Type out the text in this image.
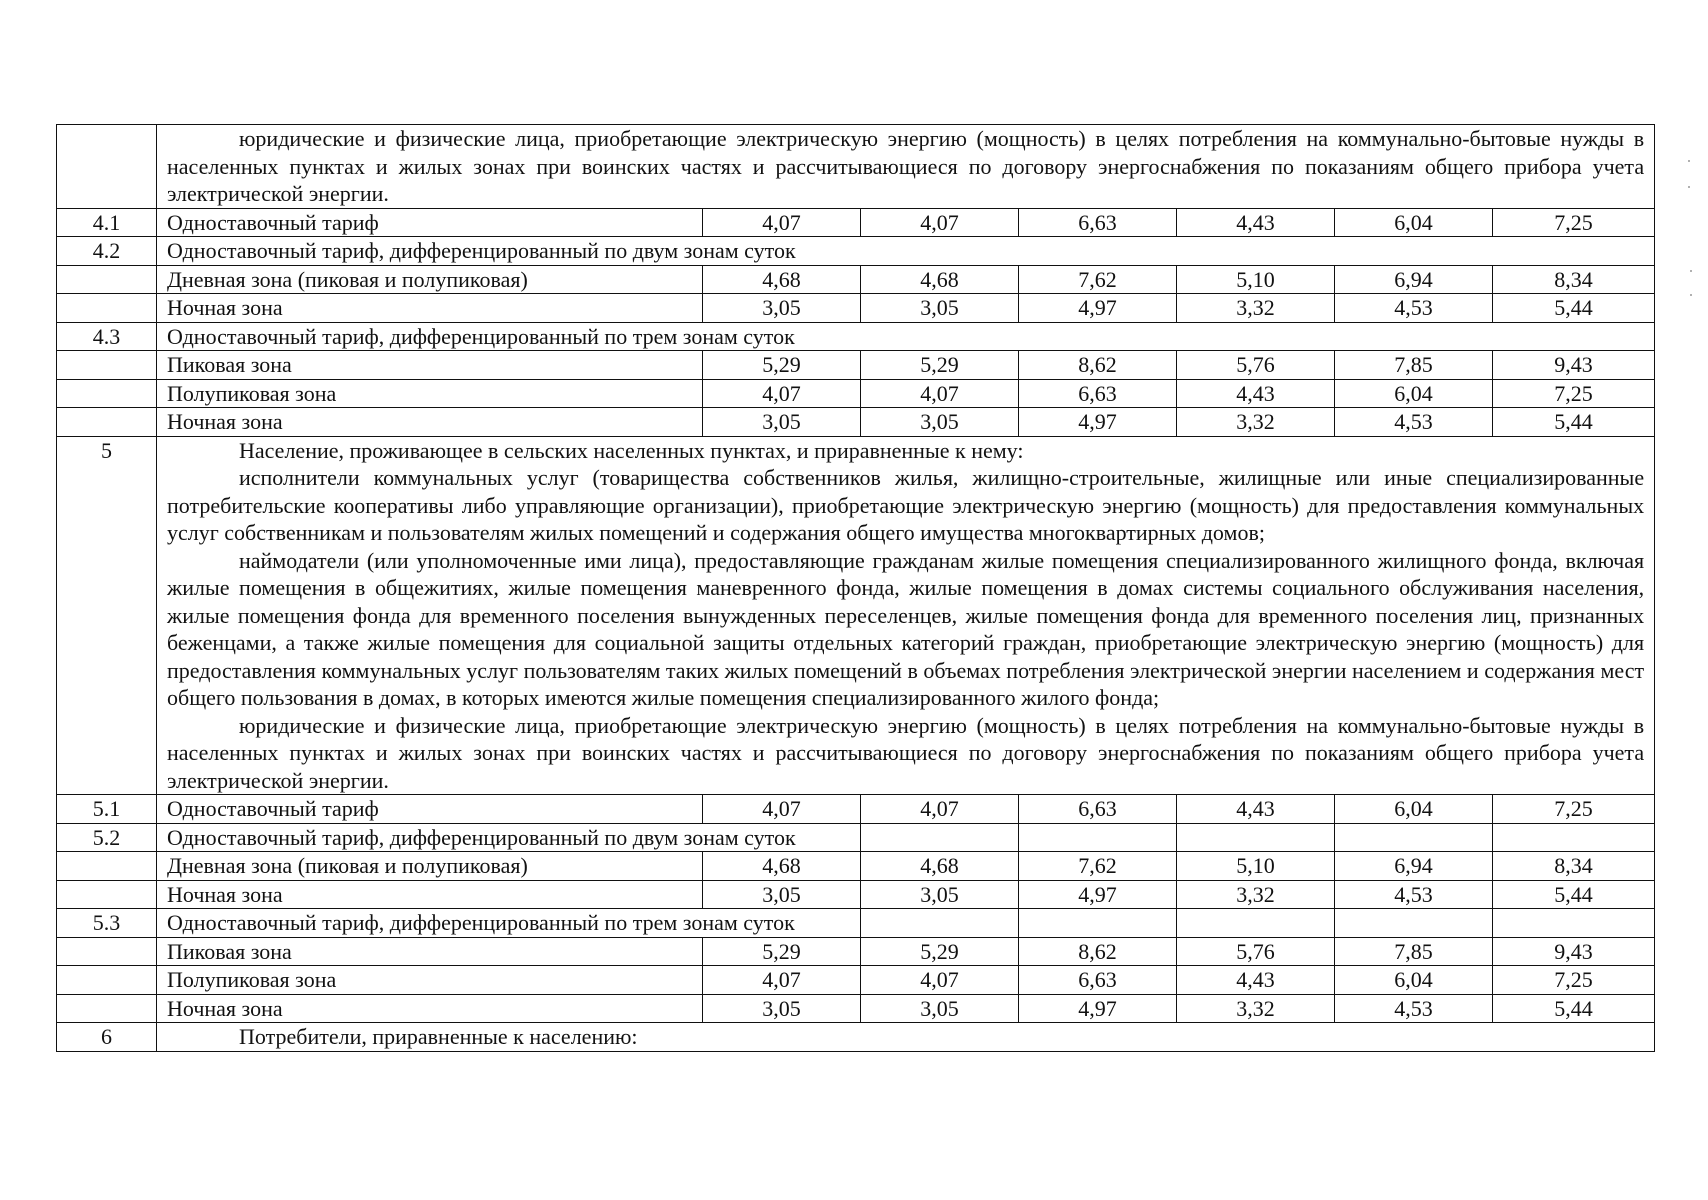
	юридические и физические лица, приобретающие электрическую энергию (мощность) в целях потребления на коммунально-бытовые нужды в населенных пунктах и жилых зонах при воинских частях и рассчитывающиеся по договору энергоснабжения по показаниям общего прибора учета электрической энергии.						

4.1	Одноставочный тариф	4,07	4,07	6,63	4,43	6,04	7,25
4.2	Одноставочный тариф, дифференцированный по двум зонам суток						
	Дневная зона (пиковая и полупиковая)	4,68	4,68	7,62	5,10	6,94	8,34
	Ночная зона	3,05	3,05	4,97	3,32	4,53	5,44
4.3	Одноставочный тариф, дифференцированный по трем зонам суток						
	Пиковая зона	5,29	5,29	8,62	5,76	7,85	9,43
	Полупиковая зона	4,07	4,07	6,63	4,43	6,04	7,25
	Ночная зона	3,05	3,05	4,97	3,32	4,53	5,44
5	Население, проживающее в сельских населенных пунктах, и приравненные к нему:

исполнители коммунальных услуг (товарищества собственников жилья, жилищно-строительные, жилищные или иные специализированные потребительские кооперативы либо управляющие организации), приобретающие электрическую энергию (мощность) для предоставления коммунальных услуг собственникам и пользователям жилых помещений и содержания общего имущества многоквартирных домов;

наймодатели (или уполномоченные ими лица), предоставляющие гражданам жилые помещения специализированного жилищного фонда, включая жилые помещения в общежитиях, жилые помещения маневренного фонда, жилые помещения в домах системы социального обслуживания населения, жилые помещения фонда для временного поселения вынужденных переселенцев, жилые помещения фонда для временного поселения лиц, признанных беженцами, а также жилые помещения для социальной защиты отдельных категорий граждан, приобретающие электрическую энергию (мощность) для предоставления коммунальных услуг пользователям таких жилых помещений в объемах потребления электрической энергии населением и содержания мест общего пользования в домах, в которых имеются жилые помещения специализированного жилого фонда;

юридические и физические лица, приобретающие электрическую энергию (мощность) в целях потребления на коммунально-бытовые нужды в населенных пунктах и жилых зонах при воинских частях и рассчитывающиеся по договору энергоснабжения по показаниям общего прибора учета электрической энергии.						

5.1	Одноставочный тариф	4,07	4,07	6,63	4,43	6,04	7,25
5.2	Одноставочный тариф, дифференцированный по двум зонам суток						
	Дневная зона (пиковая и полупиковая)	4,68	4,68	7,62	5,10	6,94	8,34
	Ночная зона	3,05	3,05	4,97	3,32	4,53	5,44
5.3	Одноставочный тариф, дифференцированный по трем зонам суток						
	Пиковая зона	5,29	5,29	8,62	5,76	7,85	9,43
	Полупиковая зона	4,07	4,07	6,63	4,43	6,04	7,25
	Ночная зона	3,05	3,05	4,97	3,32	4,53	5,44
6	Потребители, приравненные к населению:						
